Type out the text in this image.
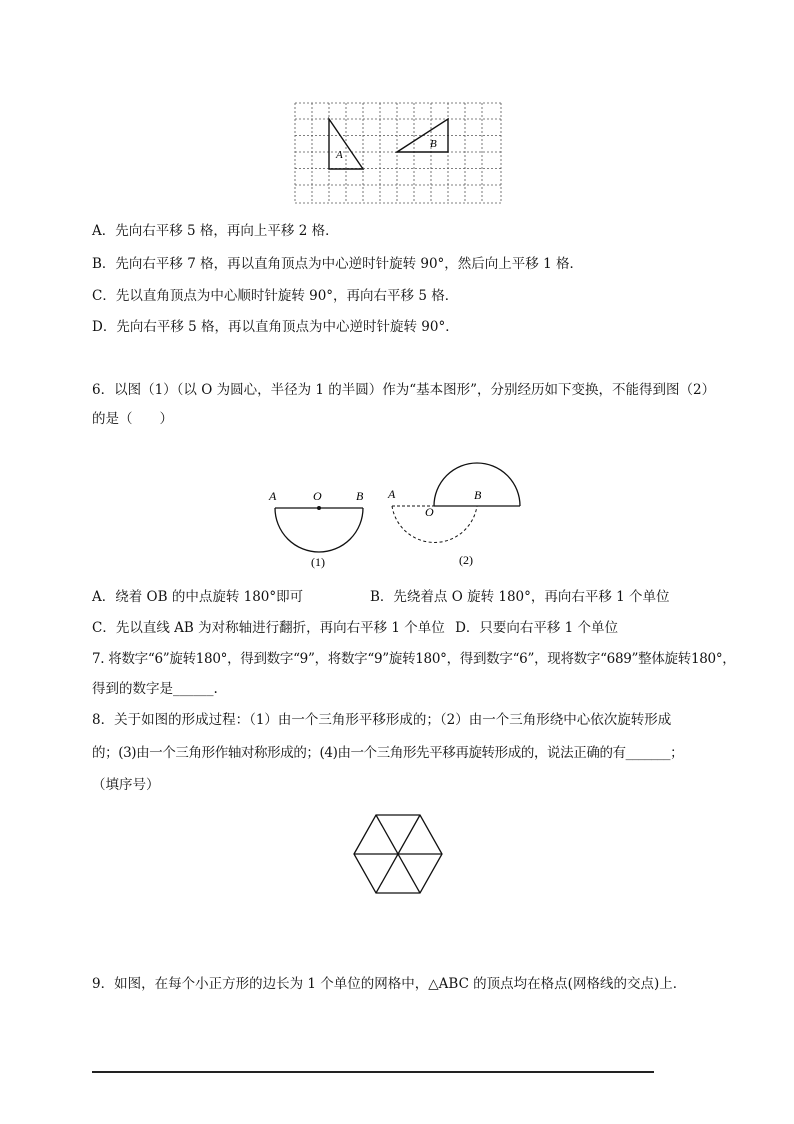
A
B
A．先向右平移 5 格，再向上平移 2 格．
B．先向右平移 7 格，再以直角顶点为中心逆时针旋转 90°，然后向上平移 1 格．
C．先以直角顶点为中心顺时针旋转 90°，再向右平移 5 格．
D．先向右平移 5 格，再以直角顶点为中心逆时针旋转 90°．
6．以图（1）（以 O 为圆心，半径为 1 的半圆）作为“基本图形”，分别经历如下变换，不能得到图（2）
的是（　　）
A	O	B
(1)
A
O
B
(2)
A．绕着 OB 的中点旋转 180°即可	B．先绕着点 O 旋转 180°，再向右平移 1 个单位
C．先以直线 AB 为对称轴进行翻折，再向右平移 1 个单位 D．只要向右平移 1 个单位
7. 将数字“6”旋转180°，得到数字“9”，将数字“9”旋转180°，得到数字“6”，现将数字“689”整体旋转180°，
得到的数字是______.
8．关于如图的形成过程：（1）由一个三角形平移形成的；（2）由一个三角形绕中心依次旋转形成
的；(3)由一个三角形作轴对称形成的；(4)由一个三角形先平移再旋转形成的，说法正确的有_______；
（填序号）
9．如图，在每个小正方形的边长为 1 个单位的网格中，△ABC 的顶点均在格点(网格线的交点)上．
